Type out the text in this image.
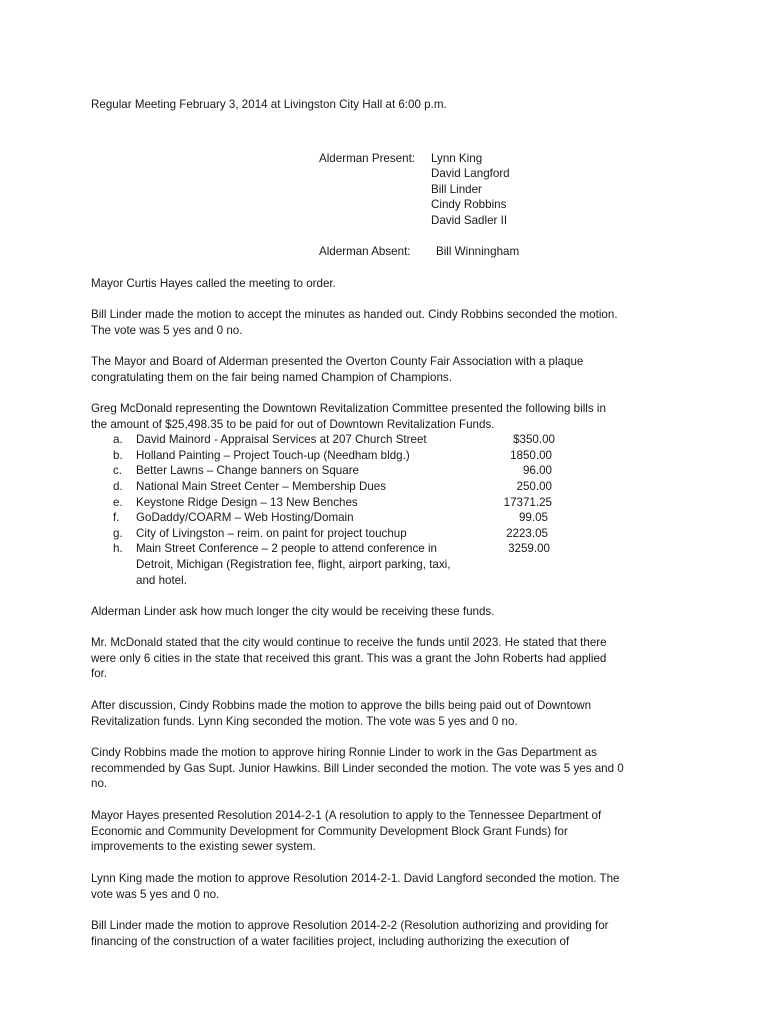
Regular Meeting February 3, 2014 at Livingston City Hall at 6:00 p.m.
Alderman Present: Lynn King
David Langford
Bill Linder
Cindy Robbins
David Sadler II
Alderman Absent: Bill Winningham
Mayor Curtis Hayes called the meeting to order.
Bill Linder made the motion to accept the minutes as handed out. Cindy Robbins seconded the motion.
The vote was 5 yes and 0 no.
The Mayor and Board of Alderman presented the Overton County Fair Association with a plaque
congratulating them on the fair being named Champion of Champions.
Greg McDonald representing the Downtown Revitalization Committee presented the following bills in
the amount of $25,498.35 to be paid for out of Downtown Revitalization Funds.
a. David Mainord - Appraisal Services at 207 Church Street	$350.00
b. Holland Painting – Project Touch-up (Needham bldg.)	1850.00
c. Better Lawns – Change banners on Square	96.00
d. National Main Street Center – Membership Dues	250.00
e. Keystone Ridge Design – 13 New Benches	17371.25
f. GoDaddy/COARM – Web Hosting/Domain	99.05
g. City of Livingston – reim. on paint for project touchup	2223.05
h. Main Street Conference – 2 people to attend conference in	3259.00
Detroit, Michigan (Registration fee, flight, airport parking, taxi,
and hotel.
Alderman Linder ask how much longer the city would be receiving these funds.
Mr. McDonald stated that the city would continue to receive the funds until 2023. He stated that there
were only 6 cities in the state that received this grant. This was a grant the John Roberts had applied
for.
After discussion, Cindy Robbins made the motion to approve the bills being paid out of Downtown
Revitalization funds. Lynn King seconded the motion. The vote was 5 yes and 0 no.
Cindy Robbins made the motion to approve hiring Ronnie Linder to work in the Gas Department as
recommended by Gas Supt. Junior Hawkins. Bill Linder seconded the motion. The vote was 5 yes and 0
no.
Mayor Hayes presented Resolution 2014-2-1 (A resolution to apply to the Tennessee Department of
Economic and Community Development for Community Development Block Grant Funds) for
improvements to the existing sewer system.
Lynn King made the motion to approve Resolution 2014-2-1. David Langford seconded the motion. The
vote was 5 yes and 0 no.
Bill Linder made the motion to approve Resolution 2014-2-2 (Resolution authorizing and providing for
financing of the construction of a water facilities project, including authorizing the execution of
